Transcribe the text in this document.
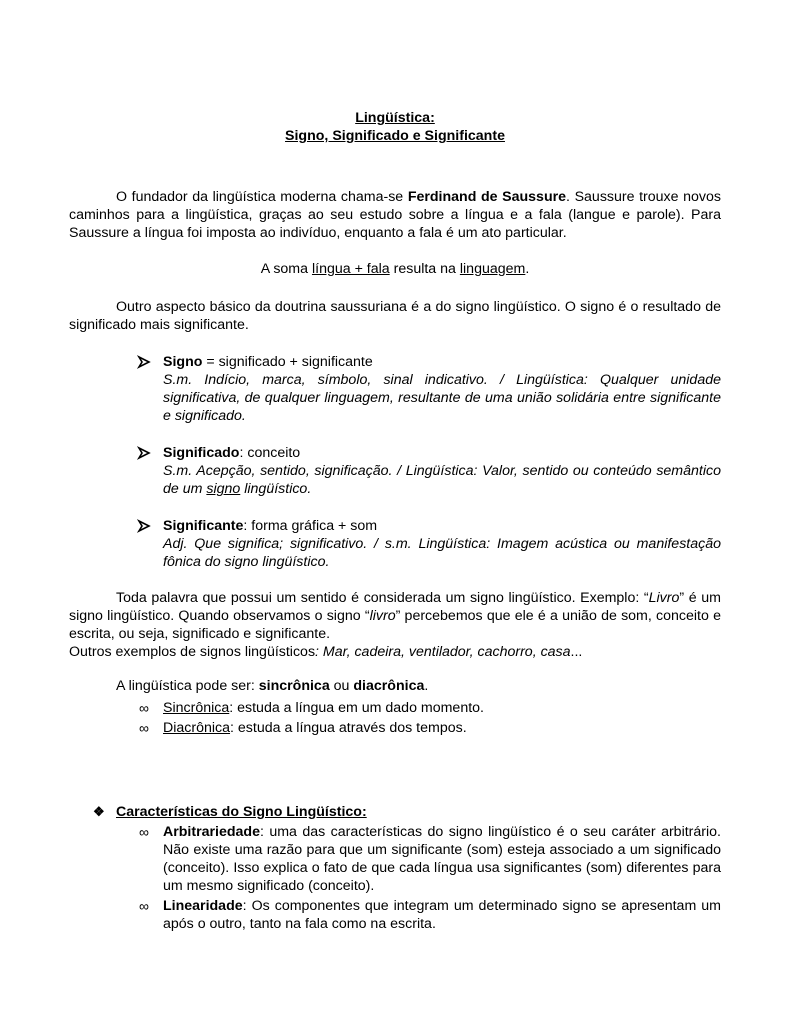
Lingüística:
Signo, Significado e Significante
O fundador da lingüística moderna chama-se Ferdinand de Saussure. Saussure trouxe novos caminhos para a lingüística, graças ao seu estudo sobre a língua e a fala (langue e parole). Para Saussure a língua foi imposta ao indivíduo, enquanto a fala é um ato particular.
A soma língua + fala resulta na linguagem.
Outro aspecto básico da doutrina saussuriana é a do signo lingüístico. O signo é o resultado de significado mais significante.
Signo = significado + significante
S.m. Indício, marca, símbolo, sinal indicativo. / Lingüística: Qualquer unidade significativa, de qualquer linguagem, resultante de uma união solidária entre significante e significado.
Significado: conceito
S.m. Acepção, sentido, significação. / Lingüística: Valor, sentido ou conteúdo semântico de um signo lingüístico.
Significante: forma gráfica + som
Adj. Que significa; significativo. / s.m. Lingüística: Imagem acústica ou manifestação fônica do signo lingüístico.
Toda palavra que possui um sentido é considerada um signo lingüístico. Exemplo: “Livro” é um signo lingüístico. Quando observamos o signo “livro” percebemos que ele é a união de som, conceito e escrita, ou seja, significado e significante.
Outros exemplos de signos lingüísticos: Mar, cadeira, ventilador, cachorro, casa...
A lingüística pode ser: sincrônica ou diacrônica.
∞ Sincrônica: estuda a língua em um dado momento.
∞ Diacrônica: estuda a língua através dos tempos.
❖ Características do Signo Lingüístico:
∞ Arbitrariedade: uma das características do signo lingüístico é o seu caráter arbitrário. Não existe uma razão para que um significante (som) esteja associado a um significado (conceito). Isso explica o fato de que cada língua usa significantes (som) diferentes para um mesmo significado (conceito).
∞ Linearidade: Os componentes que integram um determinado signo se apresentam um após o outro, tanto na fala como na escrita.
